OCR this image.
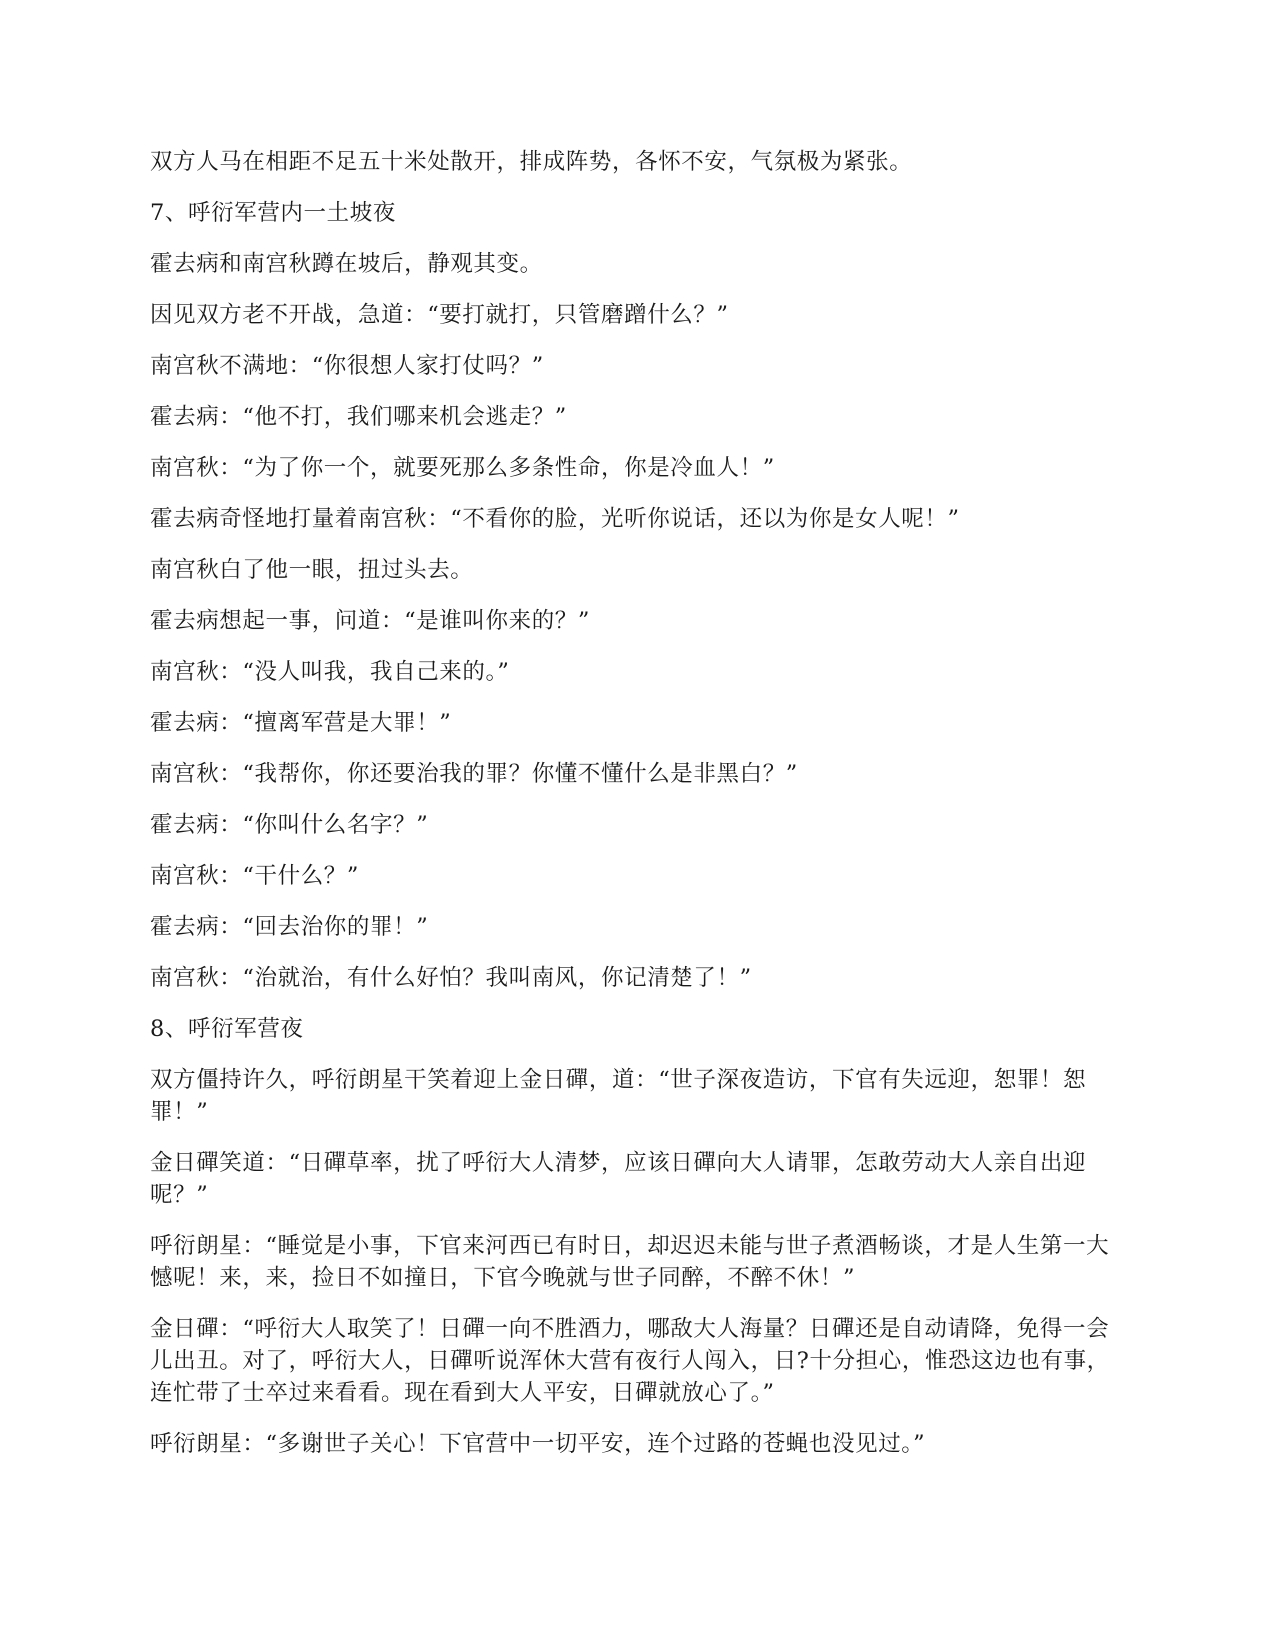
双方人马在相距不足五十米处散开，排成阵势，各怀不安，气氛极为紧张。

7、呼衍军营内一土坡夜

霍去病和南宫秋蹲在坡后，静观其变。

因见双方老不开战，急道：“要打就打，只管磨蹭什么？”

南宫秋不满地：“你很想人家打仗吗？”

霍去病：“他不打，我们哪来机会逃走？”

南宫秋：“为了你一个，就要死那么多条性命，你是冷血人！”

霍去病奇怪地打量着南宫秋：“不看你的脸，光听你说话，还以为你是女人呢！”

南宫秋白了他一眼，扭过头去。

霍去病想起一事，问道：“是谁叫你来的？”

南宫秋：“没人叫我，我自己来的。”

霍去病：“擅离军营是大罪！”

南宫秋：“我帮你，你还要治我的罪？你懂不懂什么是非黑白？”

霍去病：“你叫什么名字？”

南宫秋：“干什么？”

霍去病：“回去治你的罪！”

南宫秋：“治就治，有什么好怕？我叫南风，你记清楚了！”

8、呼衍军营夜

双方僵持许久，呼衍朗星干笑着迎上金日磾，道：“世子深夜造访，下官有失远迎，恕罪！恕罪！”

金日磾笑道：“日磾草率，扰了呼衍大人清梦，应该日磾向大人请罪，怎敢劳动大人亲自出迎呢？”

呼衍朗星：“睡觉是小事，下官来河西已有时日，却迟迟未能与世子煮酒畅谈，才是人生第一大憾呢！来，来，捡日不如撞日，下官今晚就与世子同醉，不醉不休！”

金日磾：“呼衍大人取笑了！日磾一向不胜酒力，哪敌大人海量？日磾还是自动请降，免得一会儿出丑。对了，呼衍大人，日磾听说浑休大营有夜行人闯入，日?十分担心，惟恐这边也有事，连忙带了士卒过来看看。现在看到大人平安，日磾就放心了。”

呼衍朗星：“多谢世子关心！下官营中一切平安，连个过路的苍蝇也没见过。”
